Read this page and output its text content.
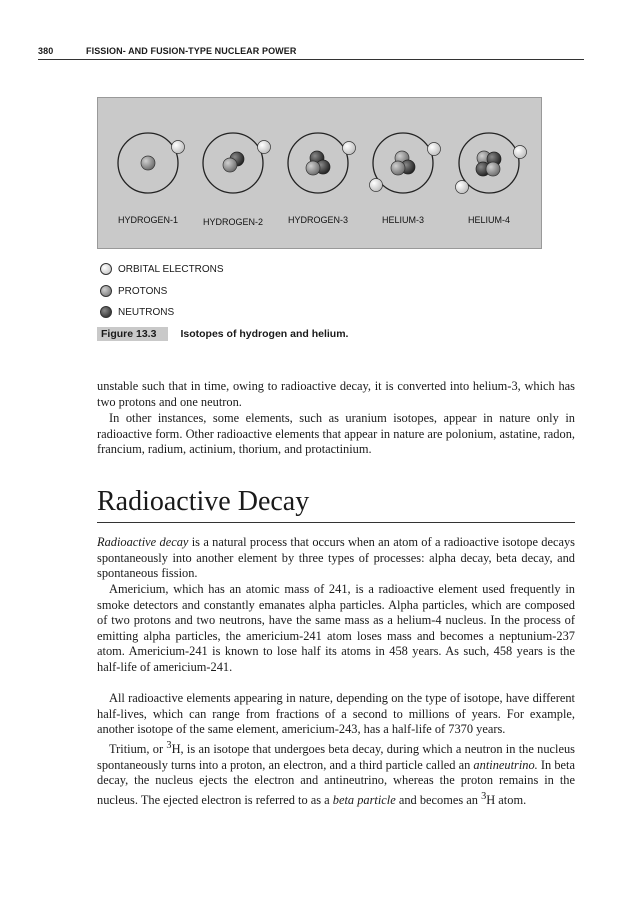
380	FISSION- AND FUSION-TYPE NUCLEAR POWER
HYDROGEN-1	HYDROGEN-2	HYDROGEN-3	HELIUM-3	HELIUM-4
ORBITAL ELECTRONS
PROTONS
NEUTRONS
Figure 13.3	Isotopes of hydrogen and helium.

unstable such that in time, owing to radioactive decay, it is converted into helium-3, which has two protons and one neutron.

In other instances, some elements, such as uranium isotopes, appear in nature only in radioactive form. Other radioactive elements that appear in nature are polonium, astatine, radon, francium, radium, actinium, thorium, and protactinium.

Radioactive Decay

Radioactive decay is a natural process that occurs when an atom of a radioactive isotope decays spontaneously into another element by three types of processes: alpha decay, beta decay, and spontaneous fission.

Americium, which has an atomic mass of 241, is a radioactive element used frequently in smoke detectors and constantly emanates alpha particles. Alpha particles, which are composed of two protons and two neutrons, have the same mass as a helium-4 nucleus. In the process of emitting alpha particles, the americium-241 atom loses mass and becomes a neptunium-237 atom. Americium-241 is known to lose half its atoms in 458 years. As such, 458 years is the half-life of americium-241.

All radioactive elements appearing in nature, depending on the type of isotope, have different half-lives, which can range from fractions of a second to millions of years. For example, another isotope of the same element, americium-243, has a half-life of 7370 years.

Tritium, or $^3$H, is an isotope that undergoes beta decay, during which a neutron in the nucleus spontaneously turns into a proton, an electron, and a third particle called an antineutrino. In beta decay, the nucleus ejects the electron and antineutrino, whereas the proton remains in the nucleus. The ejected electron is referred to as a beta particle and becomes an $^3$H atom.
